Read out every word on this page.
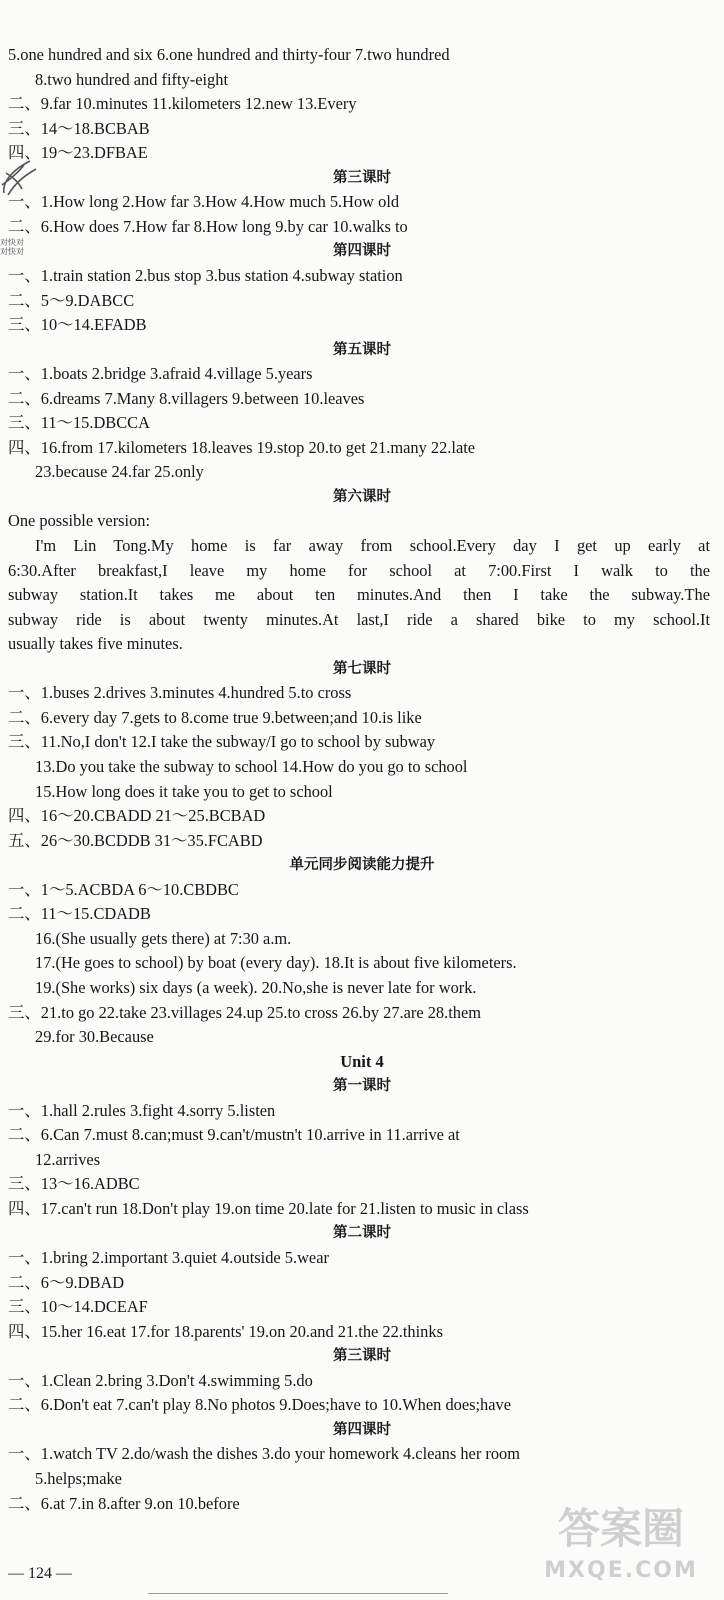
5.one hundred and six 6.one hundred and thirty-four 7.two hundred
8.two hundred and fifty-eight
二、9.far 10.minutes 11.kilometers 12.new 13.Every
三、14～18.BCBAB
四、19～23.DFBAE
第三课时
一、1.How long 2.How far 3.How 4.How much 5.How old
二、6.How does 7.How far 8.How long 9.by car 10.walks to
第四课时
一、1.train station 2.bus stop 3.bus station 4.subway station
二、5～9.DABCC
三、10～14.EFADB
第五课时
一、1.boats 2.bridge 3.afraid 4.village 5.years
二、6.dreams 7.Many 8.villagers 9.between 10.leaves
三、11～15.DBCCA
四、16.from 17.kilometers 18.leaves 19.stop 20.to get 21.many 22.late
23.because 24.far 25.only
第六课时
One possible version:
I'm Lin Tong.My home is far away from school.Every day I get up early at
6:30.After breakfast,I leave my home for school at 7:00.First I walk to the
subway station.It takes me about ten minutes.And then I take the subway.The
subway ride is about twenty minutes.At last,I ride a shared bike to my school.It
usually takes five minutes.
第七课时
一、1.buses 2.drives 3.minutes 4.hundred 5.to cross
二、6.every day 7.gets to 8.come true 9.between;and 10.is like
三、11.No,I don't 12.I take the subway/I go to school by subway
13.Do you take the subway to school 14.How do you go to school
15.How long does it take you to get to school
四、16～20.CBADD 21～25.BCBAD
五、26～30.BCDDB 31～35.FCABD
单元同步阅读能力提升
一、1～5.ACBDA 6～10.CBDBC
二、11～15.CDADB
16.(She usually gets there) at 7:30 a.m.
17.(He goes to school) by boat (every day). 18.It is about five kilometers.
19.(She works) six days (a week). 20.No,she is never late for work.
三、21.to go 22.take 23.villages 24.up 25.to cross 26.by 27.are 28.them
29.for 30.Because
Unit 4
第一课时
一、1.hall 2.rules 3.fight 4.sorry 5.listen
二、6.Can 7.must 8.can;must 9.can't/mustn't 10.arrive in 11.arrive at
12.arrives
三、13～16.ADBC
四、17.can't run 18.Don't play 19.on time 20.late for 21.listen to music in class
第二课时
一、1.bring 2.important 3.quiet 4.outside 5.wear
二、6～9.DBAD
三、10～14.DCEAF
四、15.her 16.eat 17.for 18.parents' 19.on 20.and 21.the 22.thinks
第三课时
一、1.Clean 2.bring 3.Don't 4.swimming 5.do
二、6.Don't eat 7.can't play 8.No photos 9.Does;have to 10.When does;have
第四课时
一、1.watch TV 2.do/wash the dishes 3.do your homework 4.cleans her room
5.helps;make
二、6.at 7.in 8.after 9.on 10.before
对快对
对快对
— 124 —
答案圈
MXQE.COM
